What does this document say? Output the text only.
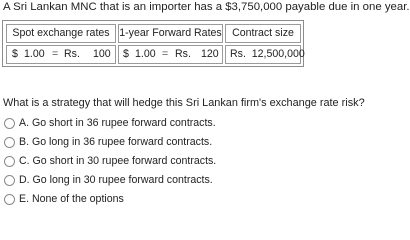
A Sri Lankan MNC that is an importer has a $3,750,000 payable due in one year.
Spot exchange rates 1-year Forward Rates Contract size
$ 1.00 = Rs. 100 $ 1.00 = Rs. 120 Rs.  12,500,000
What is a strategy that will hedge this Sri Lankan firm's exchange rate risk?
A. Go short in 36 rupee forward contracts.
B. Go long in 36 rupee forward contracts.
C. Go short in 30 rupee forward contracts.
D. Go long in 30 rupee forward contracts.
E. None of the options
